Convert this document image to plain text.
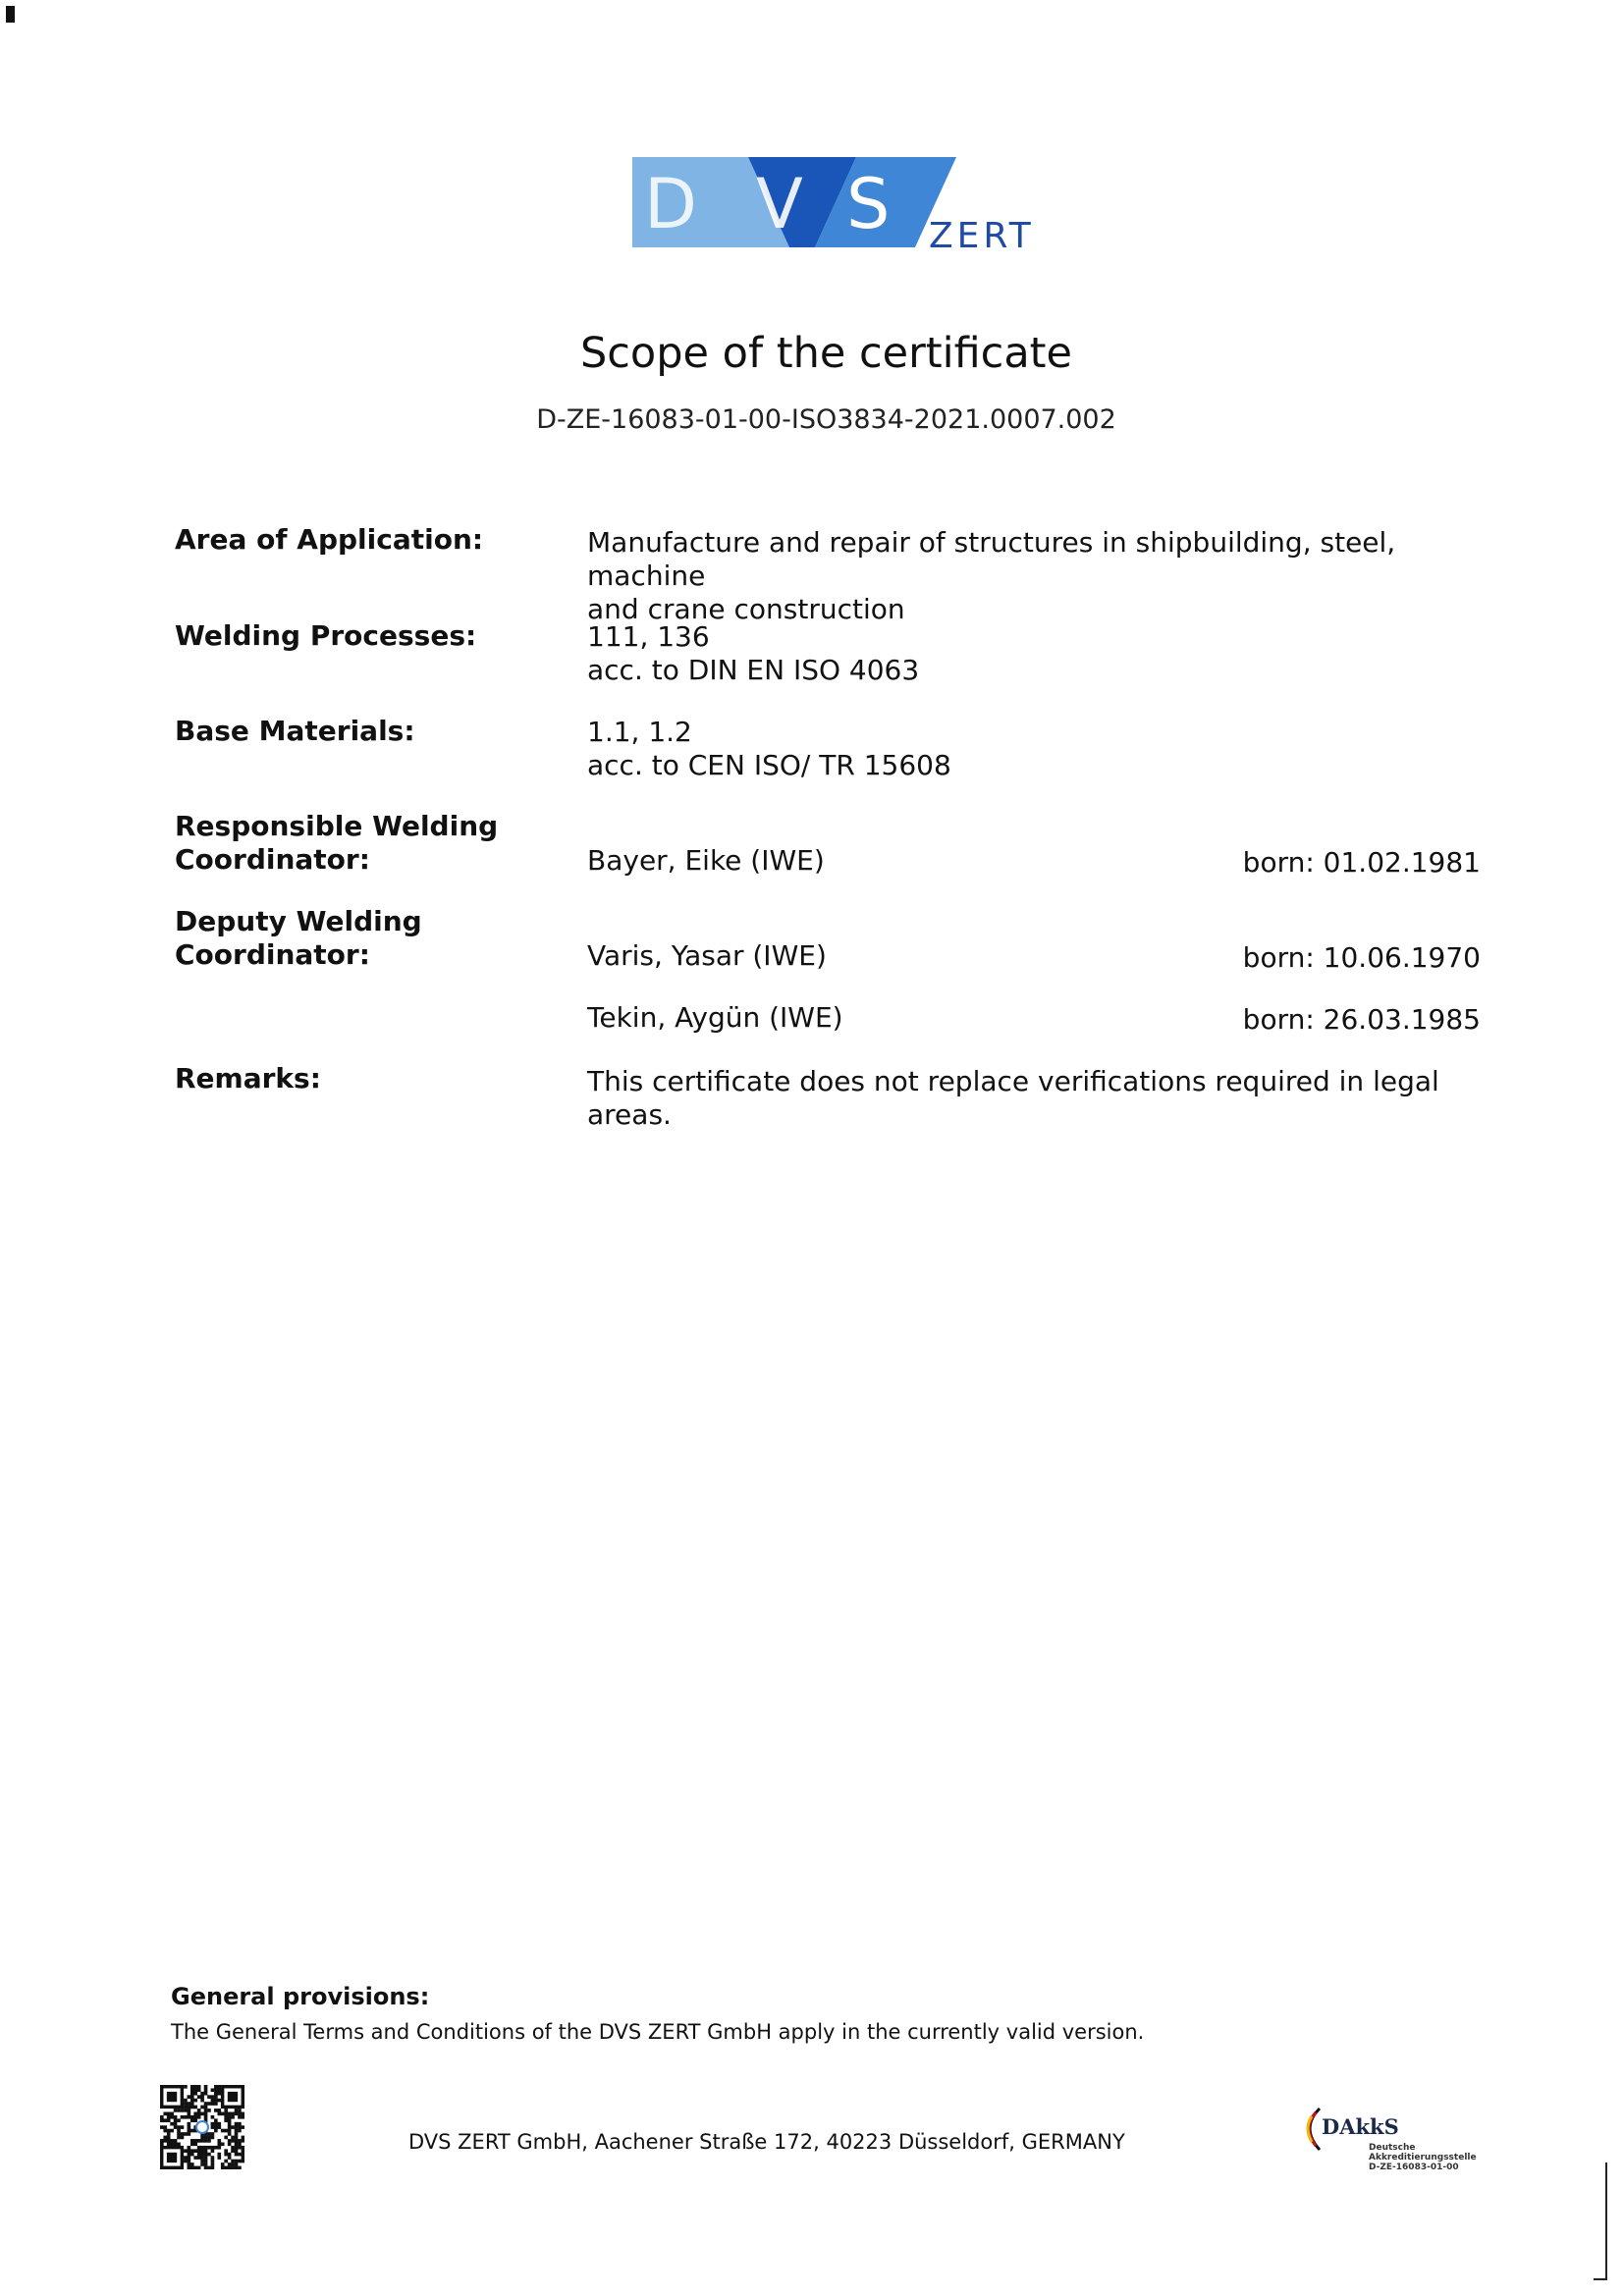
D V S ZERT
Scope of the certificate
D-ZE-16083-01-00-ISO3834-2021.0007.002
Area of Application:	Manufacture and repair of structures in shipbuilding, steel, machine
and crane construction
Welding Processes:	111, 136
acc. to DIN EN ISO 4063
Base Materials:	1.1, 1.2
acc. to CEN ISO/ TR 15608
Responsible Welding
Coordinator:	Bayer, Eike (IWE)	born: 01.02.1981
Deputy Welding
Coordinator:	Varis, Yasar (IWE)	born: 10.06.1970
Tekin, Aygün (IWE)	born: 26.03.1985
Remarks:	This certificate does not replace verifications required in legal
areas.
General provisions:
The General Terms and Conditions of the DVS ZERT GmbH apply in the currently valid version.
DVS ZERT GmbH, Aachener Straße 172, 40223 Düsseldorf, GERMANY
DAkkS
Deutsche
Akkreditierungsstelle
D-ZE-16083-01-00
